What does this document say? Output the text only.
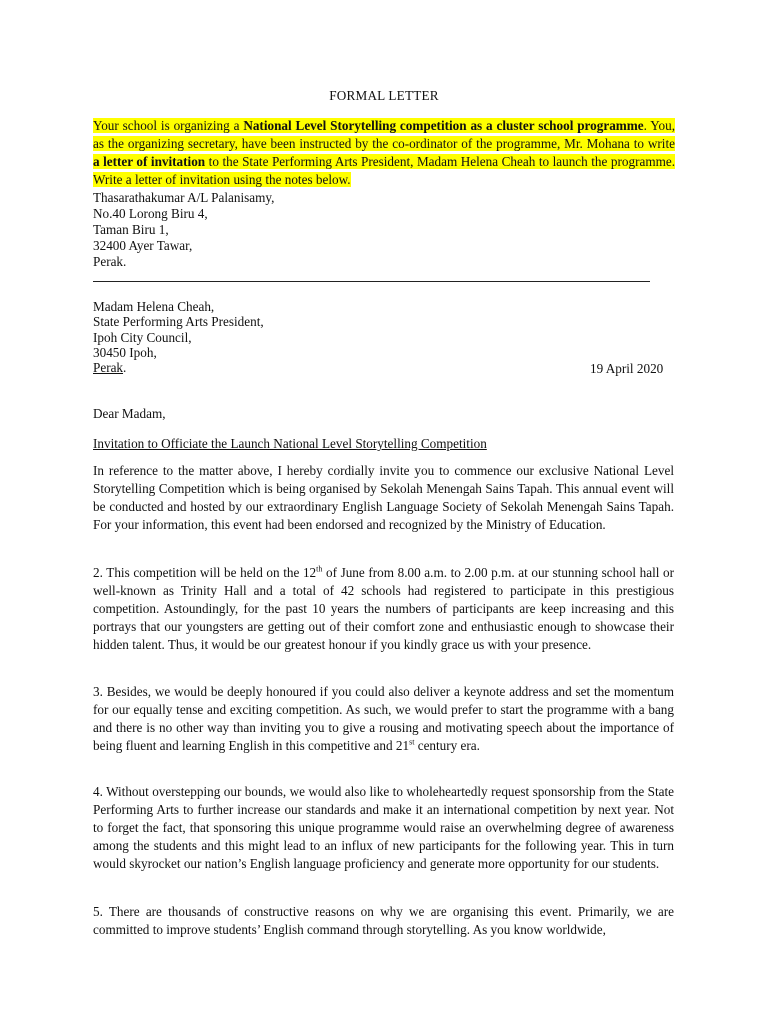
FORMAL LETTER
Your school is organizing a National Level Storytelling competition as a cluster school programme. You, as the organizing secretary, have been instructed by the co-ordinator of the programme, Mr. Mohana to write a letter of invitation to the State Performing Arts President, Madam Helena Cheah to launch the programme. Write a letter of invitation using the notes below.
Thasarathakumar A/L Palanisamy,
No.40 Lorong Biru 4,
Taman Biru 1,
32400 Ayer Tawar,
Perak.
Madam Helena Cheah,
State Performing Arts President,
Ipoh City Council,
30450 Ipoh,
Perak.	19 April 2020
Dear Madam,
Invitation to Officiate the Launch National Level Storytelling Competition
In reference to the matter above, I hereby cordially invite you to commence our exclusive National Level Storytelling Competition which is being organised by Sekolah Menengah Sains Tapah. This annual event will be conducted and hosted by our extraordinary English Language Society of Sekolah Menengah Sains Tapah. For your information, this event had been endorsed and recognized by the Ministry of Education.
2. This competition will be held on the 12th of June from 8.00 a.m. to 2.00 p.m. at our stunning school hall or well-known as Trinity Hall and a total of 42 schools had registered to participate in this prestigious competition. Astoundingly, for the past 10 years the numbers of participants are keep increasing and this portrays that our youngsters are getting out of their comfort zone and enthusiastic enough to showcase their hidden talent. Thus, it would be our greatest honour if you kindly grace us with your presence.
3. Besides, we would be deeply honoured if you could also deliver a keynote address and set the momentum for our equally tense and exciting competition. As such, we would prefer to start the programme with a bang and there is no other way than inviting you to give a rousing and motivating speech about the importance of being fluent and learning English in this competitive and 21st century era.
4. Without overstepping our bounds, we would also like to wholeheartedly request sponsorship from the State Performing Arts to further increase our standards and make it an international competition by next year. Not to forget the fact, that sponsoring this unique programme would raise an overwhelming degree of awareness among the students and this might lead to an influx of new participants for the following year. This in turn would skyrocket our nation’s English language proficiency and generate more opportunity for our students.
5. There are thousands of constructive reasons on why we are organising this event. Primarily, we are committed to improve students’ English command through storytelling. As you know worldwide,
